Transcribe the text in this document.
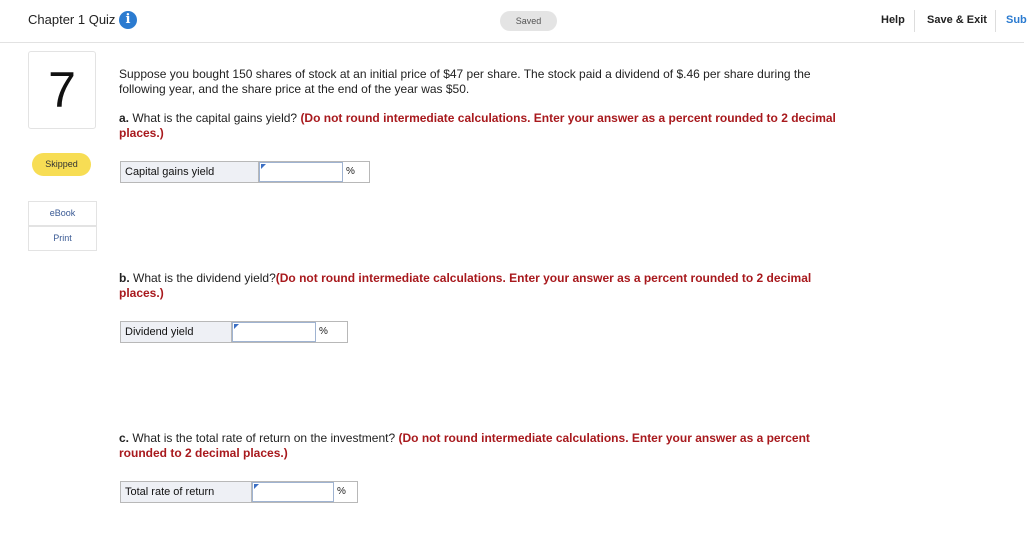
Chapter 1 Quiz i	Saved	Help Save & Exit Sub
7
Skipped
eBook
Print
Suppose you bought 150 shares of stock at an initial price of $47 per share. The stock paid a dividend of $.46 per share during the
following year, and the share price at the end of the year was $50.
a. What is the capital gains yield? (Do not round intermediate calculations. Enter your answer as a percent rounded to 2 decimal
places.)
Capital gains yield	%
b. What is the dividend yield?(Do not round intermediate calculations. Enter your answer as a percent rounded to 2 decimal
places.)
Dividend yield	%
c. What is the total rate of return on the investment? (Do not round intermediate calculations. Enter your answer as a percent
rounded to 2 decimal places.)
Total rate of return	%
